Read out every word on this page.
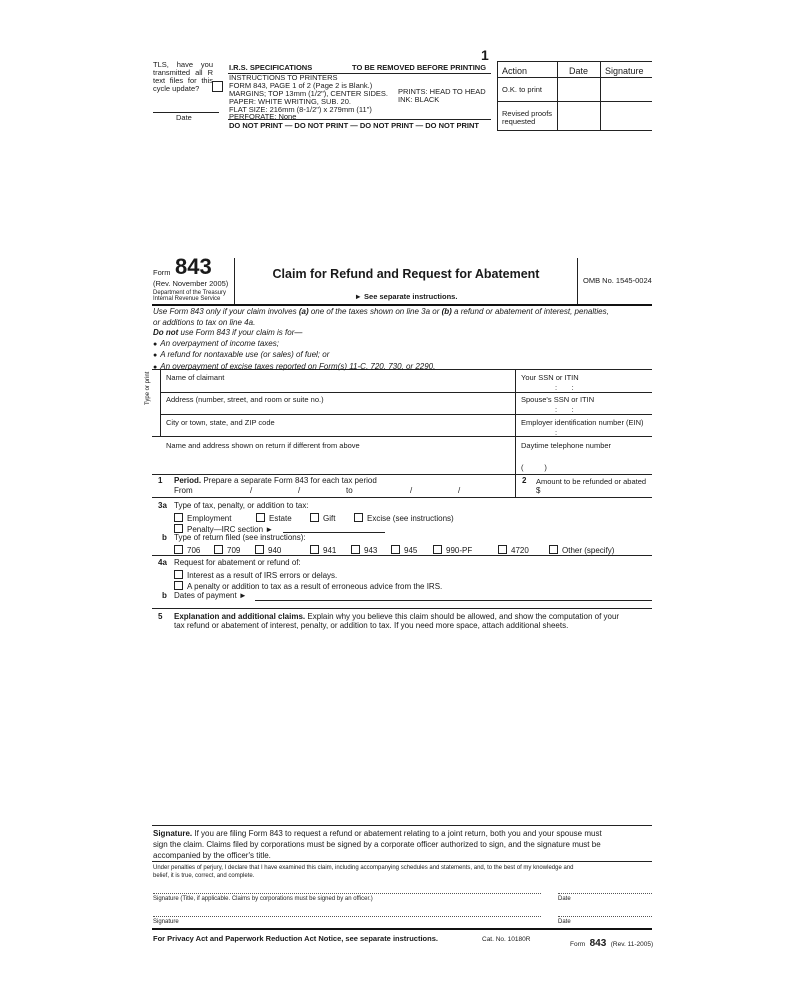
TLS, have you transmitted all R text files for this cycle update?
Date
1
I.R.S. SPECIFICATIONS	TO BE REMOVED BEFORE PRINTING
INSTRUCTIONS TO PRINTERS
FORM 843, PAGE 1 of 2 (Page 2 is Blank.)
MARGINS; TOP 13mm (1/2"), CENTER SIDES.
PAPER: WHITE WRITING, SUB. 20.
FLAT SIZE: 216mm (8-1/2") x 279mm (11")
PERFORATE: None
PRINTS: HEAD TO HEAD
INK: BLACK
DO NOT PRINT — DO NOT PRINT — DO NOT PRINT — DO NOT PRINT
Action	Date Signature
O.K. to print
Revised proofs requested
Form 843
(Rev. November 2005)
Department of the Treasury
Internal Revenue Service
Claim for Refund and Request for Abatement
► See separate instructions.
OMB No. 1545-0024
Use Form 843 only if your claim involves (a) one of the taxes shown on line 3a or (b) a refund or abatement of interest, penalties,
or additions to tax on line 4a.
Do not use Form 843 if your claim is for—
● An overpayment of income taxes;
● A refund for nontaxable use (or sales) of fuel; or
● An overpayment of excise taxes reported on Form(s) 11-C, 720, 730, or 2290.
Type or print Name of claimant	Your SSN or ITIN
:       :
Address (number, street, and room or suite no.)	Spouse's SSN or ITIN
:       :
City or town, state, and ZIP code	Employer identification number (EIN)
:
Name and address shown on return if different from above	Daytime telephone number
(          )
1 Period. Prepare a separate Form 843 for each tax period
From	/	/	to	/	/
2 Amount to be refunded or abated
$
3a Type of tax, penalty, or addition to tax:
Employment	Estate	Gift	Excise (see instructions)
Penalty—IRC section ►
b Type of return filed (see instructions):
706	709	940	941	943	945	990-PF	4720	Other (specify)
4a Request for abatement or refund of:
Interest as a result of IRS errors or delays.
A penalty or addition to tax as a result of erroneous advice from the IRS.
b Dates of payment ►
5 Explanation and additional claims. Explain why you believe this claim should be allowed, and show the computation of your
tax refund or abatement of interest, penalty, or addition to tax. If you need more space, attach additional sheets.
Signature. If you are filing Form 843 to request a refund or abatement relating to a joint return, both you and your spouse must
sign the claim. Claims filed by corporations must be signed by a corporate officer authorized to sign, and the signature must be
accompanied by the officer's title.
Under penalties of perjury, I declare that I have examined this claim, including accompanying schedules and statements, and, to the best of my knowledge and
belief, it is true, correct, and complete.
Signature (Title, if applicable. Claims by corporations must be signed by an officer.)	Date
Signature	Date
For Privacy Act and Paperwork Reduction Act Notice, see separate instructions.	Cat. No. 10180R
Form 843 (Rev. 11-2005)
